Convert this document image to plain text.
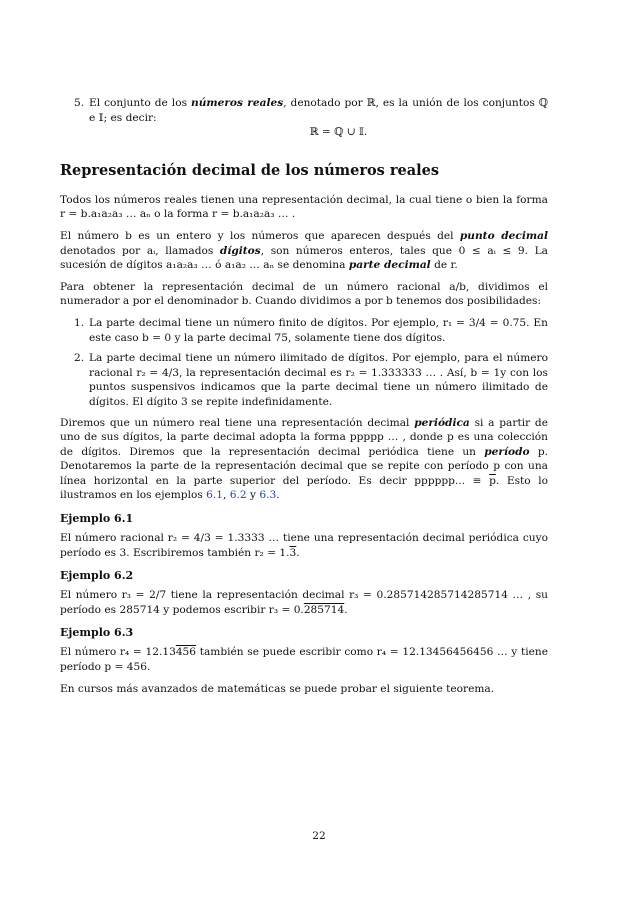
5. El conjunto de los números reales, denotado por ℝ, es la unión de los conjuntos ℚ e 𝕀; es decir:
ℝ = ℚ ∪ 𝕀.
Representación decimal de los números reales

Todos los números reales tienen una representación decimal, la cual tiene o bien la forma r = b.a₁a₂a₃ … aₙ o la forma r = b.a₁a₂a₃ … .

El número b es un entero y los números que aparecen después del punto decimal denotados por aᵢ, llamados dígitos, son números enteros, tales que 0 ≤ aᵢ ≤ 9. La sucesión de dígitos a₁a₂a₃ … ó a₁a₂ … aₙ se denomina parte decimal de r.

Para obtener la representación decimal de un número racional a/b, dividimos el numerador a por el denominador b. Cuando dividimos a por b tenemos dos posibilidades:

1. La parte decimal tiene un número finito de dígitos. Por ejemplo, r₁ = 3/4 = 0.75. En este caso b = 0 y la parte decimal 75, solamente tiene dos dígitos.
2. La parte decimal tiene un número ilimitado de dígitos. Por ejemplo, para el número racional r₂ = 4/3, la representación decimal es r₂ = 1.333333 … . Así, b = 1y con los puntos suspensivos indicamos que la parte decimal tiene un número ilimitado de dígitos. El dígito 3 se repite indefinidamente.

Diremos que un número real tiene una representación decimal periódica si a partir de uno de sus dígitos, la parte decimal adopta la forma ppppp … , donde p es una colección de dígitos. Diremos que la representación decimal periódica tiene un período p. Denotaremos la parte de la representación decimal que se repite con período p con una línea horizontal en la parte superior del período. Es decir pppppp... ≡ $\overline{p}$. Esto lo ilustramos en los ejemplos 6.1, 6.2 y 6.3.

Ejemplo 6.1

El número racional r₂ = 4/3 = 1.3333 … tiene una representación decimal periódica cuyo período es 3. Escribiremos también r₂ = 1.3.

Ejemplo 6.2

El número r₃ = 2/7 tiene la representación decimal r₃ = 0.285714285714285714 … , su período es 285714 y podemos escribir r₃ = 0.285714.

Ejemplo 6.3

El número r₄ = 12.13456 también se puede escribir como r₄ = 12.13456456456 … y tiene período p = 456.

En cursos más avanzados de matemáticas se puede probar el siguiente teorema.

22
